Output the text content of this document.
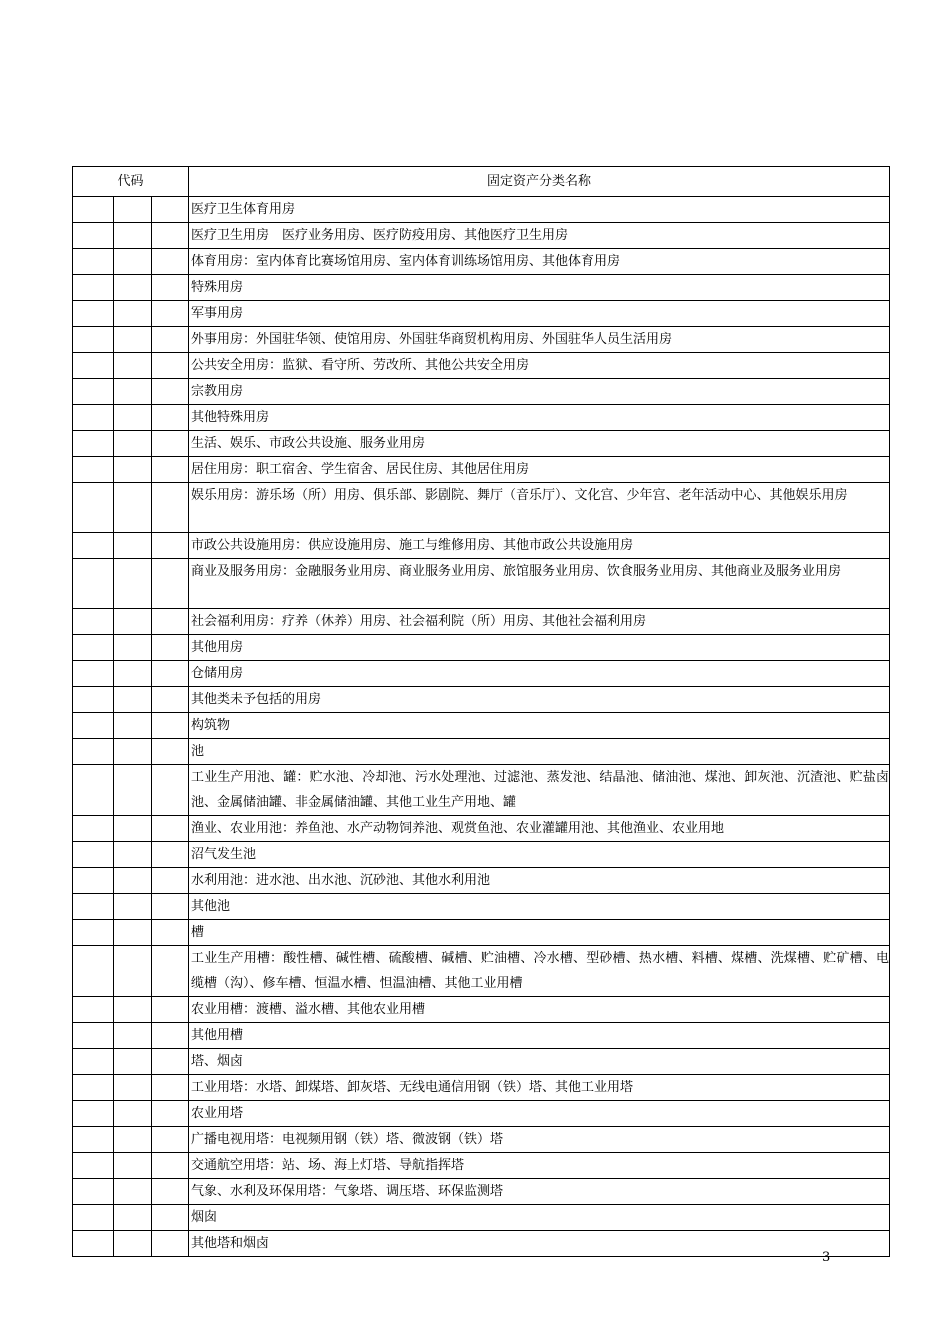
代码			固定资产分类名称
			医疗卫生体育用房
			医疗卫生用房　医疗业务用房、医疗防疫用房、其他医疗卫生用房
			体育用房：室内体育比赛场馆用房、室内体育训练场馆用房、其他体育用房
			特殊用房
			军事用房
			外事用房：外国驻华领、使馆用房、外国驻华商贸机构用房、外国驻华人员生活用房
			公共安全用房：监狱、看守所、劳改所、其他公共安全用房
			宗教用房
			其他特殊用房
			生活、娱乐、市政公共设施、服务业用房
			居住用房：职工宿舍、学生宿舍、居民住房、其他居住用房
			娱乐用房：游乐场（所）用房、俱乐部、影剧院、舞厅（音乐厅）、文化宫、少年宫、老年活动中心、其他娱乐用房
			市政公共设施用房：供应设施用房、施工与维修用房、其他市政公共设施用房
			商业及服务用房：金融服务业用房、商业服务业用房、旅馆服务业用房、饮食服务业用房、其他商业及服务业用房
			社会福利用房：疗养（休养）用房、社会福利院（所）用房、其他社会福利用房
			其他用房
			仓储用房
			其他类未予包括的用房
			构筑物
			池
			工业生产用池、罐：贮水池、冷却池、污水处理池、过滤池、蒸发池、结晶池、储油池、煤池、卸灰池、沉渣池、贮盐卤池、金属储油罐、非金属储油罐、其他工业生产用地、罐
			渔业、农业用池：养鱼池、水产动物饲养池、观赏鱼池、农业灌罐用池、其他渔业、农业用地
			沼气发生池
			水利用池：进水池、出水池、沉砂池、其他水利用池
			其他池
			槽
			工业生产用槽：酸性槽、碱性槽、硫酸槽、碱槽、贮油槽、冷水槽、型砂槽、热水槽、料槽、煤槽、洗煤槽、贮矿槽、电缆槽（沟）、修车槽、恒温水槽、怛温油槽、其他工业用槽
			农业用槽：渡槽、溢水槽、其他农业用槽
			其他用槽
			塔、烟卤
			工业用塔：水塔、卸煤塔、卸灰塔、无线电通信用钢（铁）塔、其他工业用塔
			农业用塔
			广播电视用塔：电视频用钢（铁）塔、微波钢（铁）塔
			交通航空用塔：站、场、海上灯塔、导航指挥塔
			气象、水利及环保用塔：气象塔、调压塔、环保监测塔
			烟囱
			其他塔和烟卤
3
